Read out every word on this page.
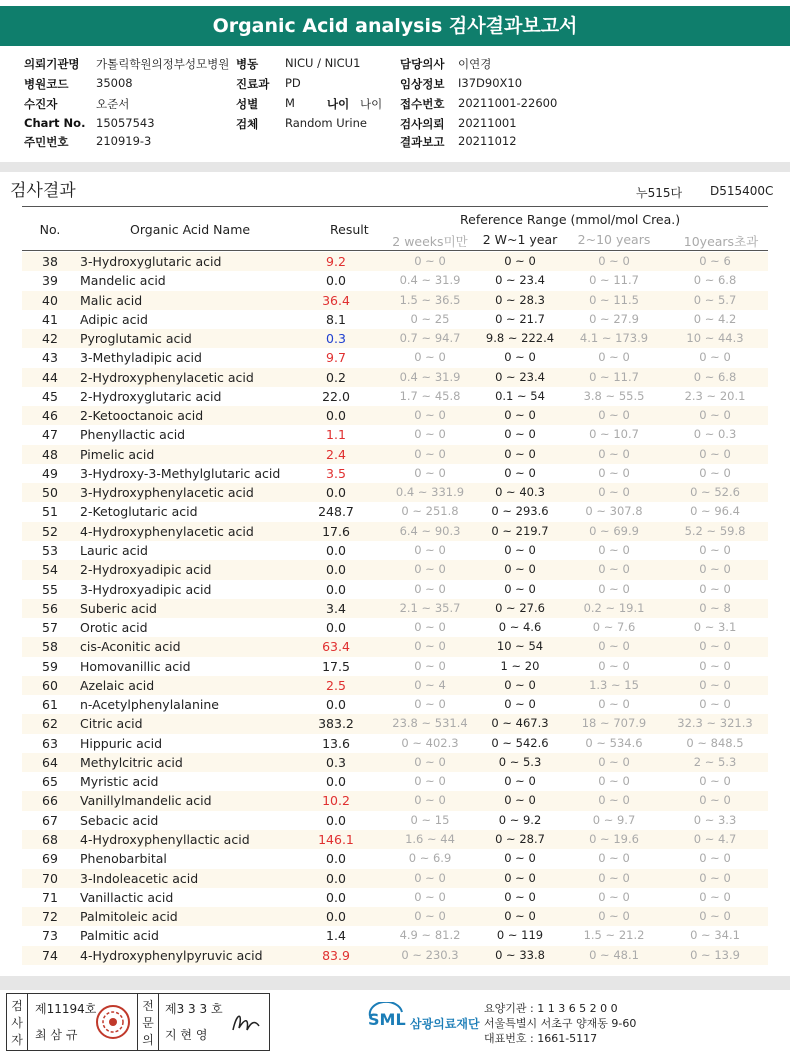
Organic Acid analysis 검사결과보고서
의뢰기관명 가톨릭학원의정부성모병원 병동 NICU / NICU1	담당의사 이연경
병원코드 35008	진료과 PD	임상정보 I37D90X10
수진자	오준서	성별 M	나이 나이 접수번호 20211001-22600
Chart No. 15057543	검체 Random Urine	검사의뢰 20211001
주민번호 210919-3	결과보고 20211012
검사결과	누515다 D515400C
No.	Organic Acid Name	Result
Reference Range (mmol/mol Crea.)
2 weeks미만	2 W~1 year	2~10 years	10years초과
38	3-Hydroxyglutaric acid	9.2	0 ~ 0	0 ~ 0	0 ~ 0	0 ~ 6
39	Mandelic acid	0.0	0.4 ~ 31.9	0 ~ 23.4	0 ~ 11.7	0 ~ 6.8
40	Malic acid	36.4	1.5 ~ 36.5	0 ~ 28.3	0 ~ 11.5	0 ~ 5.7
41	Adipic acid	8.1	0 ~ 25	0 ~ 21.7	0 ~ 27.9	0 ~ 4.2
42	Pyroglutamic acid	0.3	0.7 ~ 94.7	9.8 ~ 222.4	4.1 ~ 173.9	10 ~ 44.3
43	3-Methyladipic acid	9.7	0 ~ 0	0 ~ 0	0 ~ 0	0 ~ 0
44	2-Hydroxyphenylacetic acid	0.2	0.4 ~ 31.9	0 ~ 23.4	0 ~ 11.7	0 ~ 6.8
45	2-Hydroxyglutaric acid	22.0	1.7 ~ 45.8	0.1 ~ 54	3.8 ~ 55.5	2.3 ~ 20.1
46	2-Ketooctanoic acid	0.0	0 ~ 0	0 ~ 0	0 ~ 0	0 ~ 0
47	Phenyllactic acid	1.1	0 ~ 0	0 ~ 0	0 ~ 10.7	0 ~ 0.3
48	Pimelic acid	2.4	0 ~ 0	0 ~ 0	0 ~ 0	0 ~ 0
49	3-Hydroxy-3-Methylglutaric acid	3.5	0 ~ 0	0 ~ 0	0 ~ 0	0 ~ 0
50	3-Hydroxyphenylacetic acid	0.0	0.4 ~ 331.9	0 ~ 40.3	0 ~ 0	0 ~ 52.6
51	2-Ketoglutaric acid	248.7	0 ~ 251.8	0 ~ 293.6	0 ~ 307.8	0 ~ 96.4
52	4-Hydroxyphenylacetic acid	17.6	6.4 ~ 90.3	0 ~ 219.7	0 ~ 69.9	5.2 ~ 59.8
53	Lauric acid	0.0	0 ~ 0	0 ~ 0	0 ~ 0	0 ~ 0
54	2-Hydroxyadipic acid	0.0	0 ~ 0	0 ~ 0	0 ~ 0	0 ~ 0
55	3-Hydroxyadipic acid	0.0	0 ~ 0	0 ~ 0	0 ~ 0	0 ~ 0
56	Suberic acid	3.4	2.1 ~ 35.7	0 ~ 27.6	0.2 ~ 19.1	0 ~ 8
57	Orotic acid	0.0	0 ~ 0	0 ~ 4.6	0 ~ 7.6	0 ~ 3.1
58	cis-Aconitic acid	63.4	0 ~ 0	10 ~ 54	0 ~ 0	0 ~ 0
59	Homovanillic acid	17.5	0 ~ 0	1 ~ 20	0 ~ 0	0 ~ 0
60	Azelaic acid	2.5	0 ~ 4	0 ~ 0	1.3 ~ 15	0 ~ 0
61	n-Acetylphenylalanine	0.0	0 ~ 0	0 ~ 0	0 ~ 0	0 ~ 0
62	Citric acid	383.2	23.8 ~ 531.4	0 ~ 467.3	18 ~ 707.9	32.3 ~ 321.3
63	Hippuric acid	13.6	0 ~ 402.3	0 ~ 542.6	0 ~ 534.6	0 ~ 848.5
64	Methylcitric acid	0.3	0 ~ 0	0 ~ 5.3	0 ~ 0	2 ~ 5.3
65	Myristic acid	0.0	0 ~ 0	0 ~ 0	0 ~ 0	0 ~ 0
66	Vanillylmandelic acid	10.2	0 ~ 0	0 ~ 0	0 ~ 0	0 ~ 0
67	Sebacic acid	0.0	0 ~ 15	0 ~ 9.2	0 ~ 9.7	0 ~ 3.3
68	4-Hydroxyphenyllactic acid	146.1	1.6 ~ 44	0 ~ 28.7	0 ~ 19.6	0 ~ 4.7
69	Phenobarbital	0.0	0 ~ 6.9	0 ~ 0	0 ~ 0	0 ~ 0
70	3-Indoleacetic acid	0.0	0 ~ 0	0 ~ 0	0 ~ 0	0 ~ 0
71	Vanillactic acid	0.0	0 ~ 0	0 ~ 0	0 ~ 0	0 ~ 0
72	Palmitoleic acid	0.0	0 ~ 0	0 ~ 0	0 ~ 0	0 ~ 0
73	Palmitic acid	1.4	4.9 ~ 81.2	0 ~ 119	1.5 ~ 21.2	0 ~ 34.1
74	4-Hydroxyphenylpyruvic acid	83.9	0 ~ 230.3	0 ~ 33.8	0 ~ 48.1	0 ~ 13.9
검사자
제11194호
최 삼 규
전문의
제3 3 3 호
지 현 영
SML 삼광의료재단
요양기관 : 1 1 3 6 5 2 0 0
서울특별시 서초구 양재동 9-60
대표번호 : 1661-5117
